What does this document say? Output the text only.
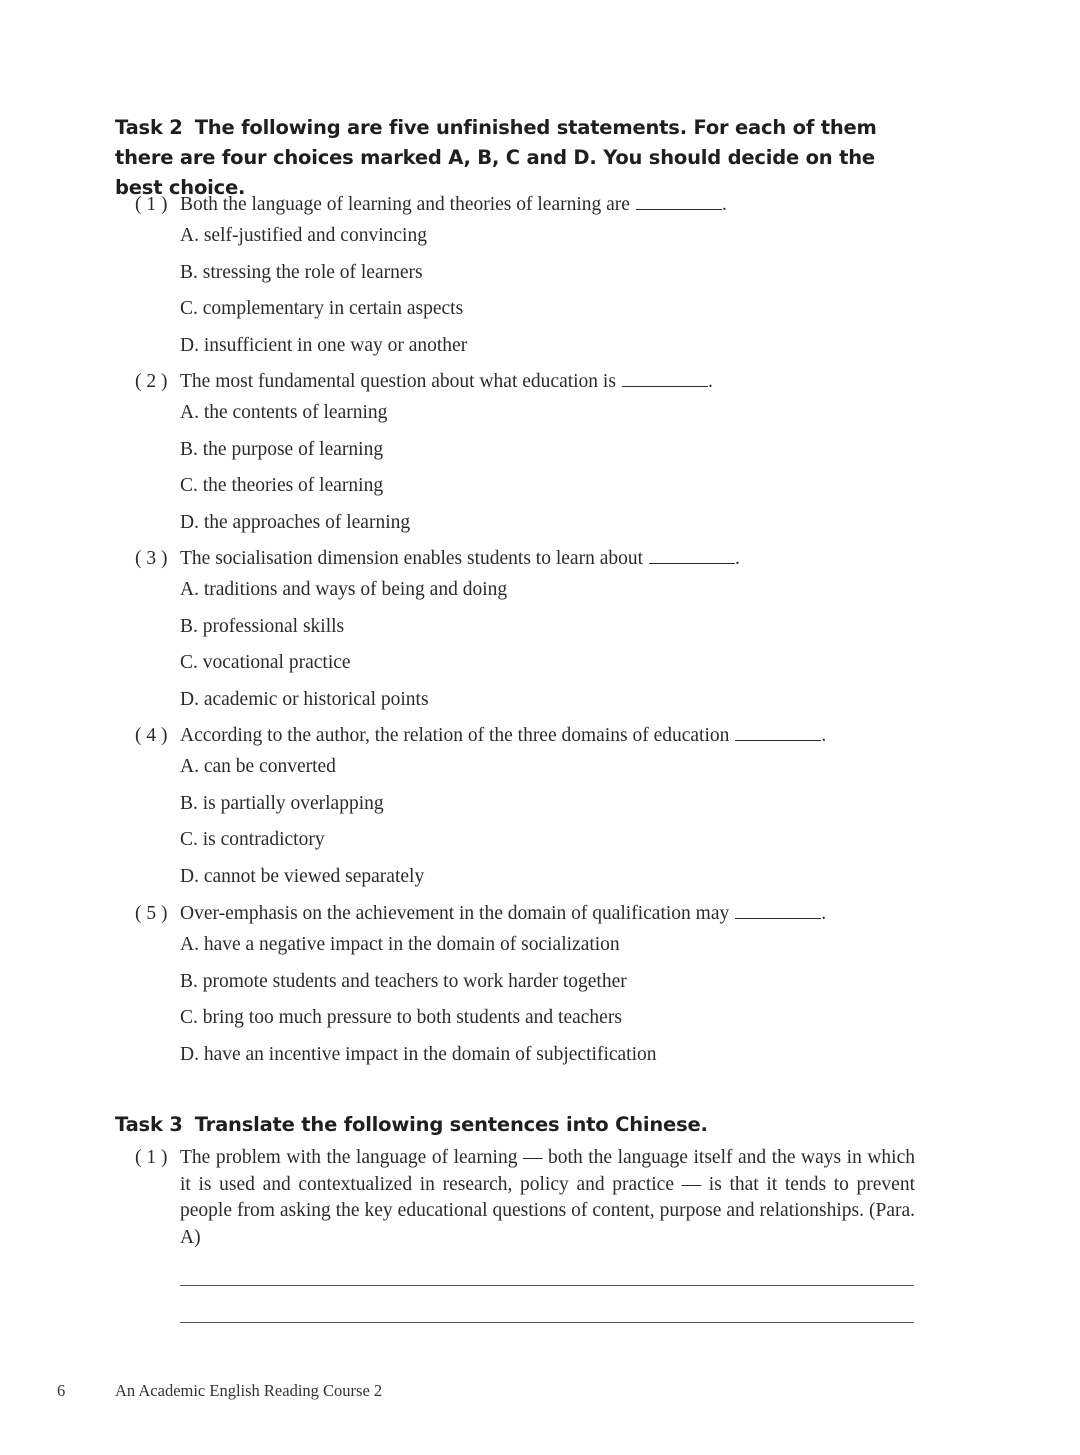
Task 2 The following are five unfinished statements. For each of them there are four choices marked A, B, C and D. You should decide on the best choice.
( 1 ) Both the language of learning and theories of learning are	.
A. self-justified and convincing
B. stressing the role of learners
C. complementary in certain aspects
D. insufficient in one way or another
( 2 ) The most fundamental question about what education is	.
A. the contents of learning
B. the purpose of learning
C. the theories of learning
D. the approaches of learning
( 3 ) The socialisation dimension enables students to learn about	.
A. traditions and ways of being and doing
B. professional skills
C. vocational practice
D. academic or historical points
( 4 ) According to the author, the relation of the three domains of education	.
A. can be converted
B. is partially overlapping
C. is contradictory
D. cannot be viewed separately
( 5 ) Over-emphasis on the achievement in the domain of qualification may	.
A. have a negative impact in the domain of socialization
B. promote students and teachers to work harder together
C. bring too much pressure to both students and teachers
D. have an incentive impact in the domain of subjectification
Task 3 Translate the following sentences into Chinese.
( 1 ) The problem with the language of learning — both the language itself and the ways in which it is used and contextualized in research, policy and practice — is that it tends to prevent people from asking the key educational questions of content, purpose and relationships. (Para. A)
6	An Academic English Reading Course 2
